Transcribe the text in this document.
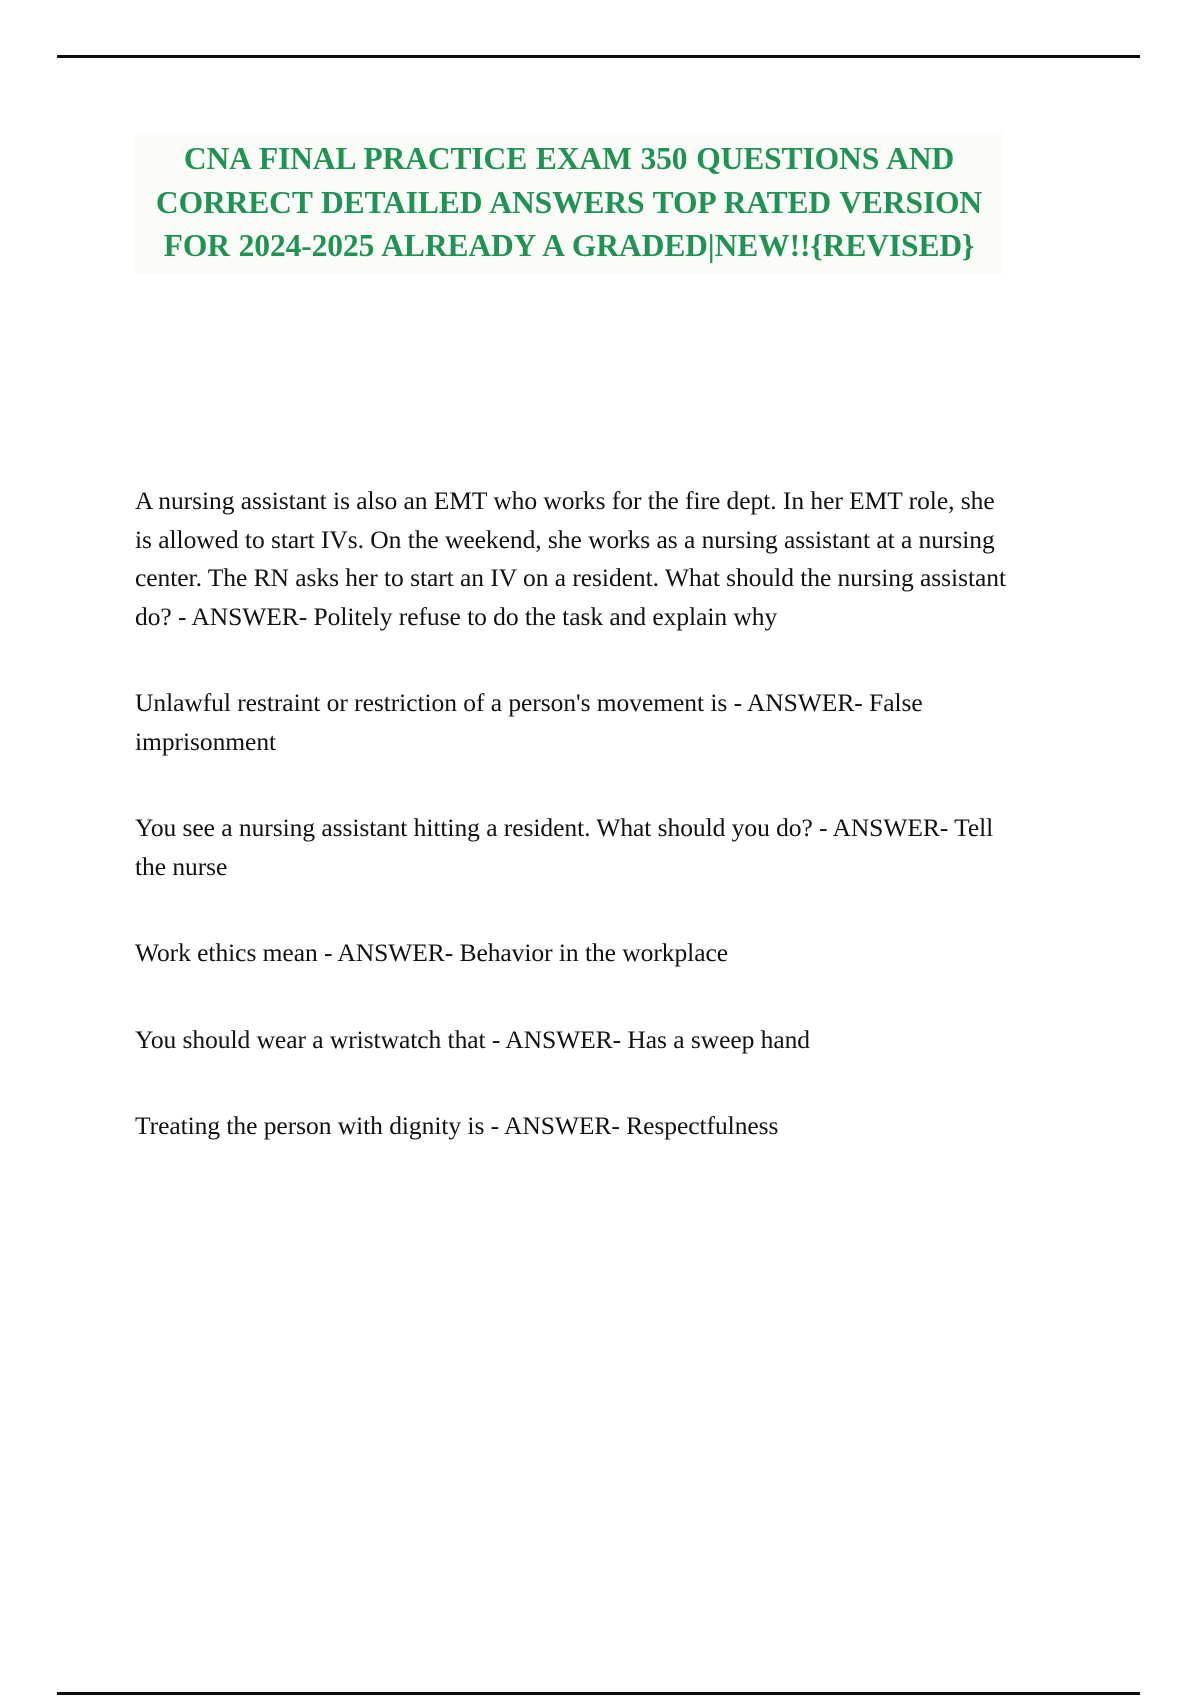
CNA FINAL PRACTICE EXAM 350 QUESTIONS AND CORRECT DETAILED ANSWERS TOP RATED VERSION FOR 2024-2025 ALREADY A GRADED|NEW!!{REVISED}

A nursing assistant is also an EMT who works for the fire dept. In her EMT role, she is allowed to start IVs. On the weekend, she works as a nursing assistant at a nursing center. The RN asks her to start an IV on a resident. What should the nursing assistant do? - ANSWER- Politely refuse to do the task and explain why

Unlawful restraint or restriction of a person's movement is - ANSWER- False imprisonment

You see a nursing assistant hitting a resident. What should you do? - ANSWER- Tell the nurse

Work ethics mean - ANSWER- Behavior in the workplace

You should wear a wristwatch that - ANSWER- Has a sweep hand

Treating the person with dignity is - ANSWER- Respectfulness
